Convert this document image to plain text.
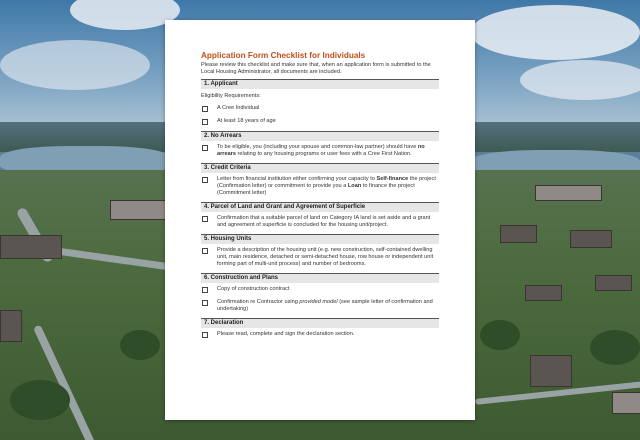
Application Form Checklist for Individuals
Please review this checklist and make sure that, when an application form is submitted to the Local Housing Administrator, all documents are included.
1. Applicant
Eligibility Requirements:
A Cree Individual
At least 18 years of age
2. No Arrears
To be eligible, you (including your spouse and common-law partner) should have no arrears relating to any housing programs or user fees with a Cree First Nation.
3. Credit Criteria
Letter from financial institution either confirming your capacity to Self-finance the project (Confirmation letter) or commitment to provide you a Loan to finance the project (Commitment letter)
4. Parcel of Land and Grant and Agreement of Superficie
Confirmation that a suitable parcel of land on Category IA land is set aside and a grant and agreement of superficie is concluded for the housing unit/project.
5. Housing Units
Provide a description of the housing unit (e.g. new construction, self-contained dwelling unit, main residence, detached or semi-detached house, row house or independent unit forming part of multi-unit process) and number of bedrooms.
6. Construction and Plans
Copy of construction contract
Confirmation re Contractor using provided model (see sample letter of confirmation and undertaking)
7. Declaration
Please read, complete and sign the declaration section.
